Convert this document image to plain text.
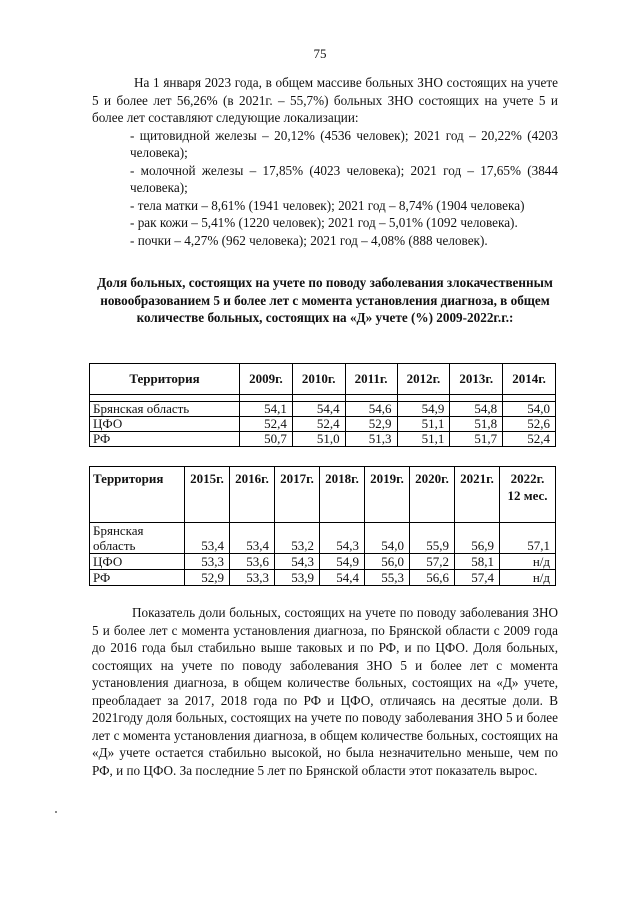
75

На 1 января 2023 года, в общем массиве больных ЗНО состоящих на учете 5 и более лет 56,26% (в 2021г. – 55,7%) больных ЗНО состоящих на учете 5 и более лет составляют следующие локализации:

- щитовидной железы – 20,12% (4536 человек); 2021 год – 20,22% (4203 человека);

- молочной железы – 17,85% (4023 человека); 2021 год – 17,65% (3844 человека);

- тела матки – 8,61% (1941 человек); 2021 год – 8,74% (1904 человека)

- рак кожи – 5,41% (1220 человек); 2021 год – 5,01% (1092 человека).

- почки – 4,27% (962 человека); 2021 год – 4,08% (888 человек).

Доля больных, состоящих на учете по поводу заболевания злокачественным новообразованием 5 и более лет с момента установления диагноза, в общем количестве больных, состоящих на «Д» учете (%) 2009-2022г.г.:
Территория	2009г.	2010г.	2011г.	2012г.	2013г.	2014г.

Брянская область	54,1	54,4	54,6	54,9	54,8	54,0
ЦФО	52,4	52,4	52,9	51,1	51,8	52,6
РФ	50,7	51,0	51,3	51,1	51,7	52,4
Территория	2015г.	2016г.	2017г.	2018г.	2019г.	2020г.	2021г.	2022г. 12 мес.
Брянская область	53,4	53,4	53,2	54,3	54,0	55,9	56,9	57,1
ЦФО	53,3	53,6	54,3	54,9	56,0	57,2	58,1	н/д
РФ	52,9	53,3	53,9	54,4	55,3	56,6	57,4	н/д

Показатель доли больных, состоящих на учете по поводу заболевания ЗНО 5 и более лет с момента установления диагноза, по Брянской области с 2009 года до 2016 года был стабильно выше таковых и по РФ, и по ЦФО. Доля больных, состоящих на учете по поводу заболевания ЗНО 5 и более лет с момента установления диагноза, в общем количестве больных, состоящих на «Д» учете, преобладает за 2017, 2018 года по РФ и ЦФО, отличаясь на десятые доли. В 2021году доля больных, состоящих на учете по поводу заболевания ЗНО 5 и более лет с момента установления диагноза, в общем количестве больных, состоящих на «Д» учете остается стабильно высокой, но была незначительно меньше, чем по РФ, и по ЦФО. За последние 5 лет по Брянской области этот показатель вырос.
